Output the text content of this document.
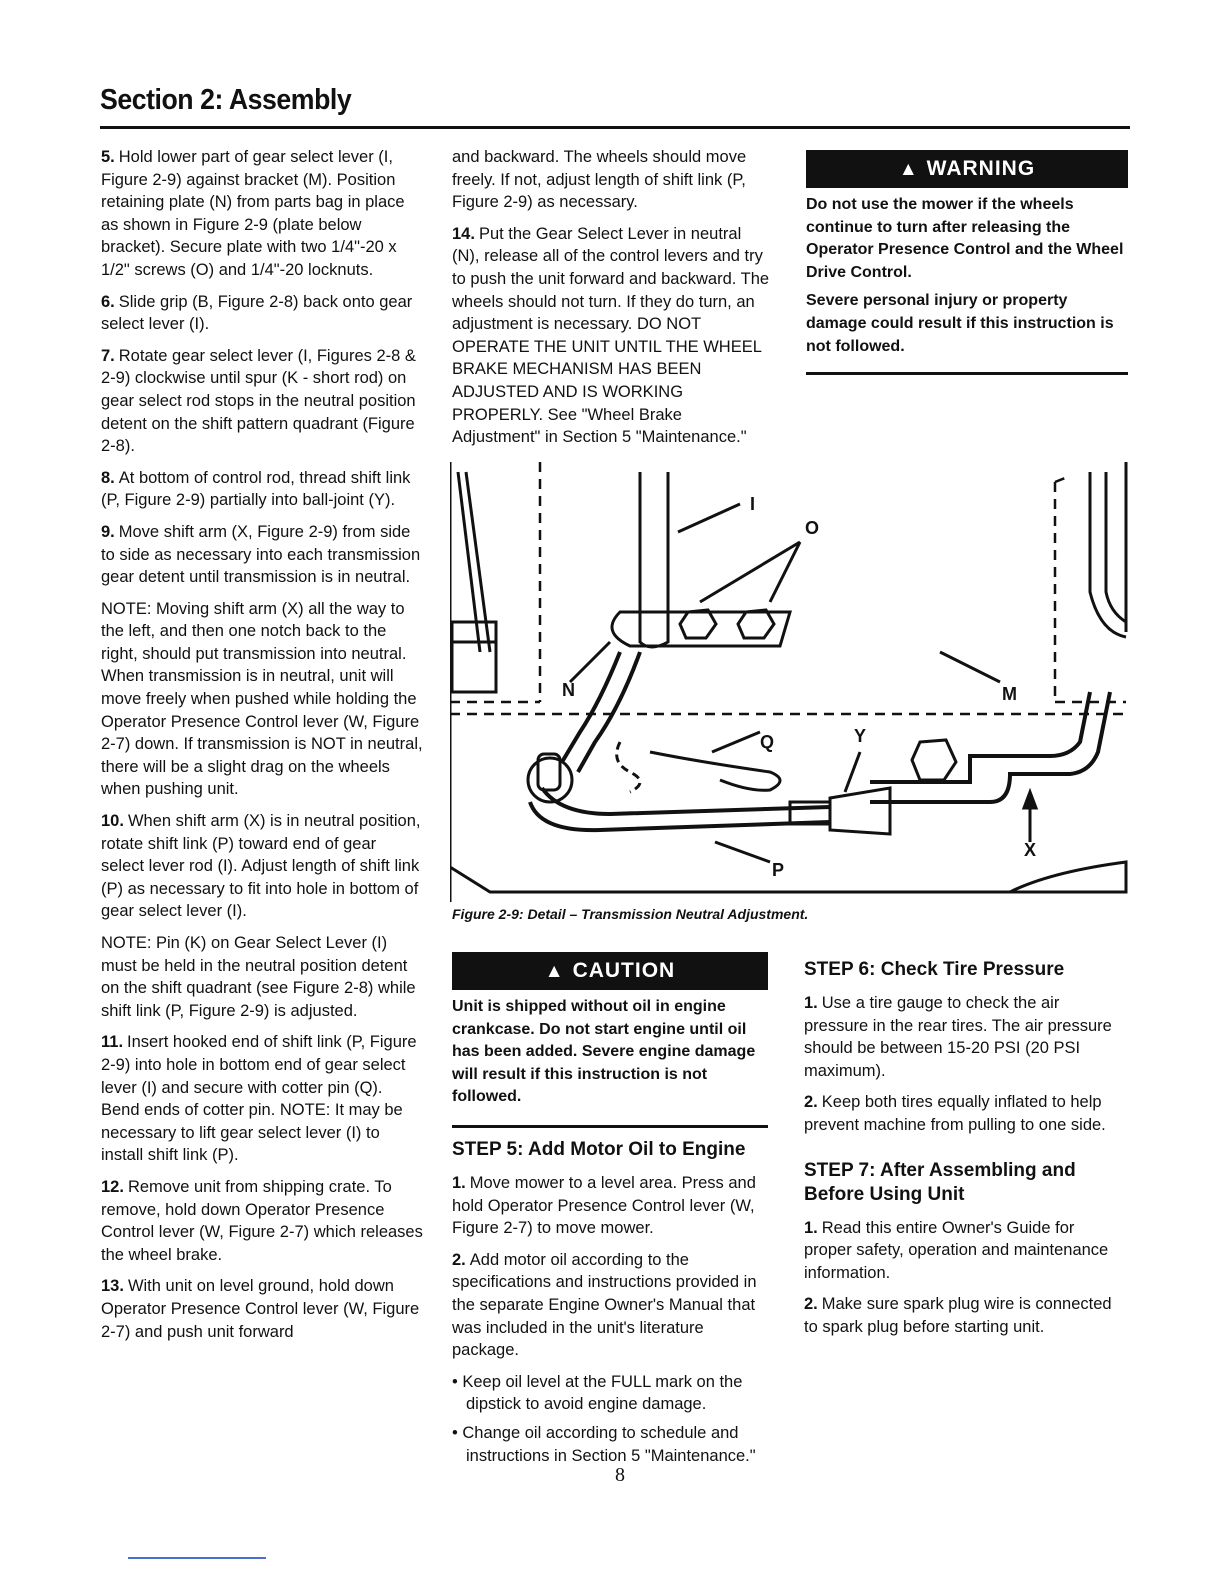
Section 2: Assembly

5. Hold lower part of gear select lever (I, Figure 2-9) against bracket (M). Position retaining plate (N) from parts bag in place as shown in Figure 2-9 (plate below bracket). Secure plate with two 1/4"-20 x 1/2" screws (O) and 1/4"-20 locknuts.

6. Slide grip (B, Figure 2-8) back onto gear select lever (I).

7. Rotate gear select lever (I, Figures 2-8 & 2-9) clockwise until spur (K - short rod) on gear select rod stops in the neutral position detent on the shift pattern quadrant (Figure 2-8).

8. At bottom of control rod, thread shift link (P, Figure 2-9) partially into ball-joint (Y).

9. Move shift arm (X, Figure 2-9) from side to side as necessary into each transmission gear detent until transmission is in neutral.

NOTE: Moving shift arm (X) all the way to the left, and then one notch back to the right, should put transmission into neutral. When transmission is in neutral, unit will move freely when pushed while holding the Operator Presence Control lever (W, Figure 2-7) down. If transmission is NOT in neutral, there will be a slight drag on the wheels when pushing unit.

10. When shift arm (X) is in neutral position, rotate shift link (P) toward end of gear select lever rod (I). Adjust length of shift link (P) as necessary to fit into hole in bottom of gear select lever (I).

NOTE: Pin (K) on Gear Select Lever (I) must be held in the neutral position detent on the shift quadrant (see Figure 2-8) while shift link (P, Figure 2-9) is adjusted.

11. Insert hooked end of shift link (P, Figure 2-9) into hole in bottom end of gear select lever (I) and secure with cotter pin (Q). Bend ends of cotter pin. NOTE: It may be necessary to lift gear select lever (I) to install shift link (P).

12. Remove unit from shipping crate. To remove, hold down Operator Presence Control lever (W, Figure 2-7) which releases the wheel brake.

13. With unit on level ground, hold down Operator Presence Control lever (W, Figure 2-7) and push unit forward

and backward. The wheels should move freely. If not, adjust length of shift link (P, Figure 2-9) as necessary.

14. Put the Gear Select Lever in neutral (N), release all of the control levers and try to push the unit forward and backward. The wheels should not turn. If they do turn, an adjustment is necessary. DO NOT OPERATE THE UNIT UNTIL THE WHEEL BRAKE MECHANISM HAS BEEN ADJUSTED AND IS WORKING PROPERLY. See "Wheel Brake Adjustment" in Section 5 "Maintenance."

▲ WARNING

Do not use the mower if the wheels continue to turn after releasing the Operator Presence Control and the Wheel Drive Control.

Severe personal injury or property damage could result if this instruction is not followed.

I
O
N	M
Q	Y
P
X
Figure 2-9: Detail – Transmission Neutral Adjustment.
▲ CAUTION

Unit is shipped without oil in engine crankcase. Do not start engine until oil has been added. Severe engine damage will result if this instruction is not followed.

STEP 5: Add Motor Oil to Engine

1. Move mower to a level area. Press and hold Operator Presence Control lever (W, Figure 2-7) to move mower.

2. Add motor oil according to the specifications and instructions provided in the separate Engine Owner's Manual that was included in the unit's literature package.

• Keep oil level at the FULL mark on the dipstick to avoid engine damage.

• Change oil according to schedule and instructions in Section 5 "Maintenance."

STEP 6: Check Tire Pressure

1. Use a tire gauge to check the air pressure in the rear tires. The air pressure should be between 15-20 PSI (20 PSI maximum).

2. Keep both tires equally inflated to help prevent machine from pulling to one side.

STEP 7: After Assembling and Before Using Unit

1. Read this entire Owner's Guide for proper safety, operation and maintenance information.

2. Make sure spark plug wire is connected to spark plug before starting unit.

8
